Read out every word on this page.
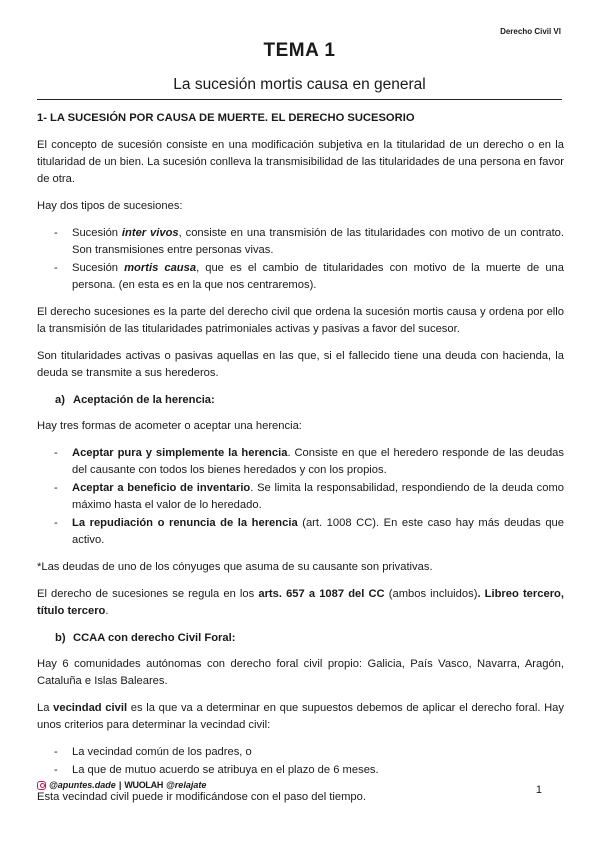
Derecho Civil VI
TEMA 1
La sucesión mortis causa en general
1- LA SUCESIÓN POR CAUSA DE MUERTE. EL DERECHO SUCESORIO

El concepto de sucesión consiste en una modificación subjetiva en la titularidad de un derecho o en la titularidad de un bien. La sucesión conlleva la transmisibilidad de las titularidades de una persona en favor de otra.

Hay dos tipos de sucesiones:

- Sucesión inter vivos, consiste en una transmisión de las titularidades con motivo de un contrato. Son transmisiones entre personas vivas.
- Sucesión mortis causa, que es el cambio de titularidades con motivo de la muerte de una persona. (en esta es en la que nos centraremos).

El derecho sucesiones es la parte del derecho civil que ordena la sucesión mortis causa y ordena por ello la transmisión de las titularidades patrimoniales activas y pasivas a favor del sucesor.

Son titularidades activas o pasivas aquellas en las que, si el fallecido tiene una deuda con hacienda, la deuda se transmite a sus herederos.

a) Aceptación de la herencia:

Hay tres formas de acometer o aceptar una herencia:

- Aceptar pura y simplemente la herencia. Consiste en que el heredero responde de las deudas del causante con todos los bienes heredados y con los propios.
- Aceptar a beneficio de inventario. Se limita la responsabilidad, respondiendo de la deuda como máximo hasta el valor de lo heredado.
- La repudiación o renuncia de la herencia (art. 1008 CC). En este caso hay más deudas que activo.

*Las deudas de uno de los cónyuges que asuma de su causante son privativas.

El derecho de sucesiones se regula en los arts. 657 a 1087 del CC (ambos incluidos). Libreo tercero, título tercero.

b) CCAA con derecho Civil Foral:

Hay 6 comunidades autónomas con derecho foral civil propio: Galicia, País Vasco, Navarra, Aragón, Cataluña e Islas Baleares.

La vecindad civil es la que va a determinar en que supuestos debemos de aplicar el derecho foral. Hay unos criterios para determinar la vecindad civil:

- La vecindad común de los padres, o
- La que de mutuo acuerdo se atribuya en el plazo de 6 meses.

Esta vecindad civil puede ir modificándose con el paso del tiempo.

@apuntes.dade | WUOLAH @relajate	1
